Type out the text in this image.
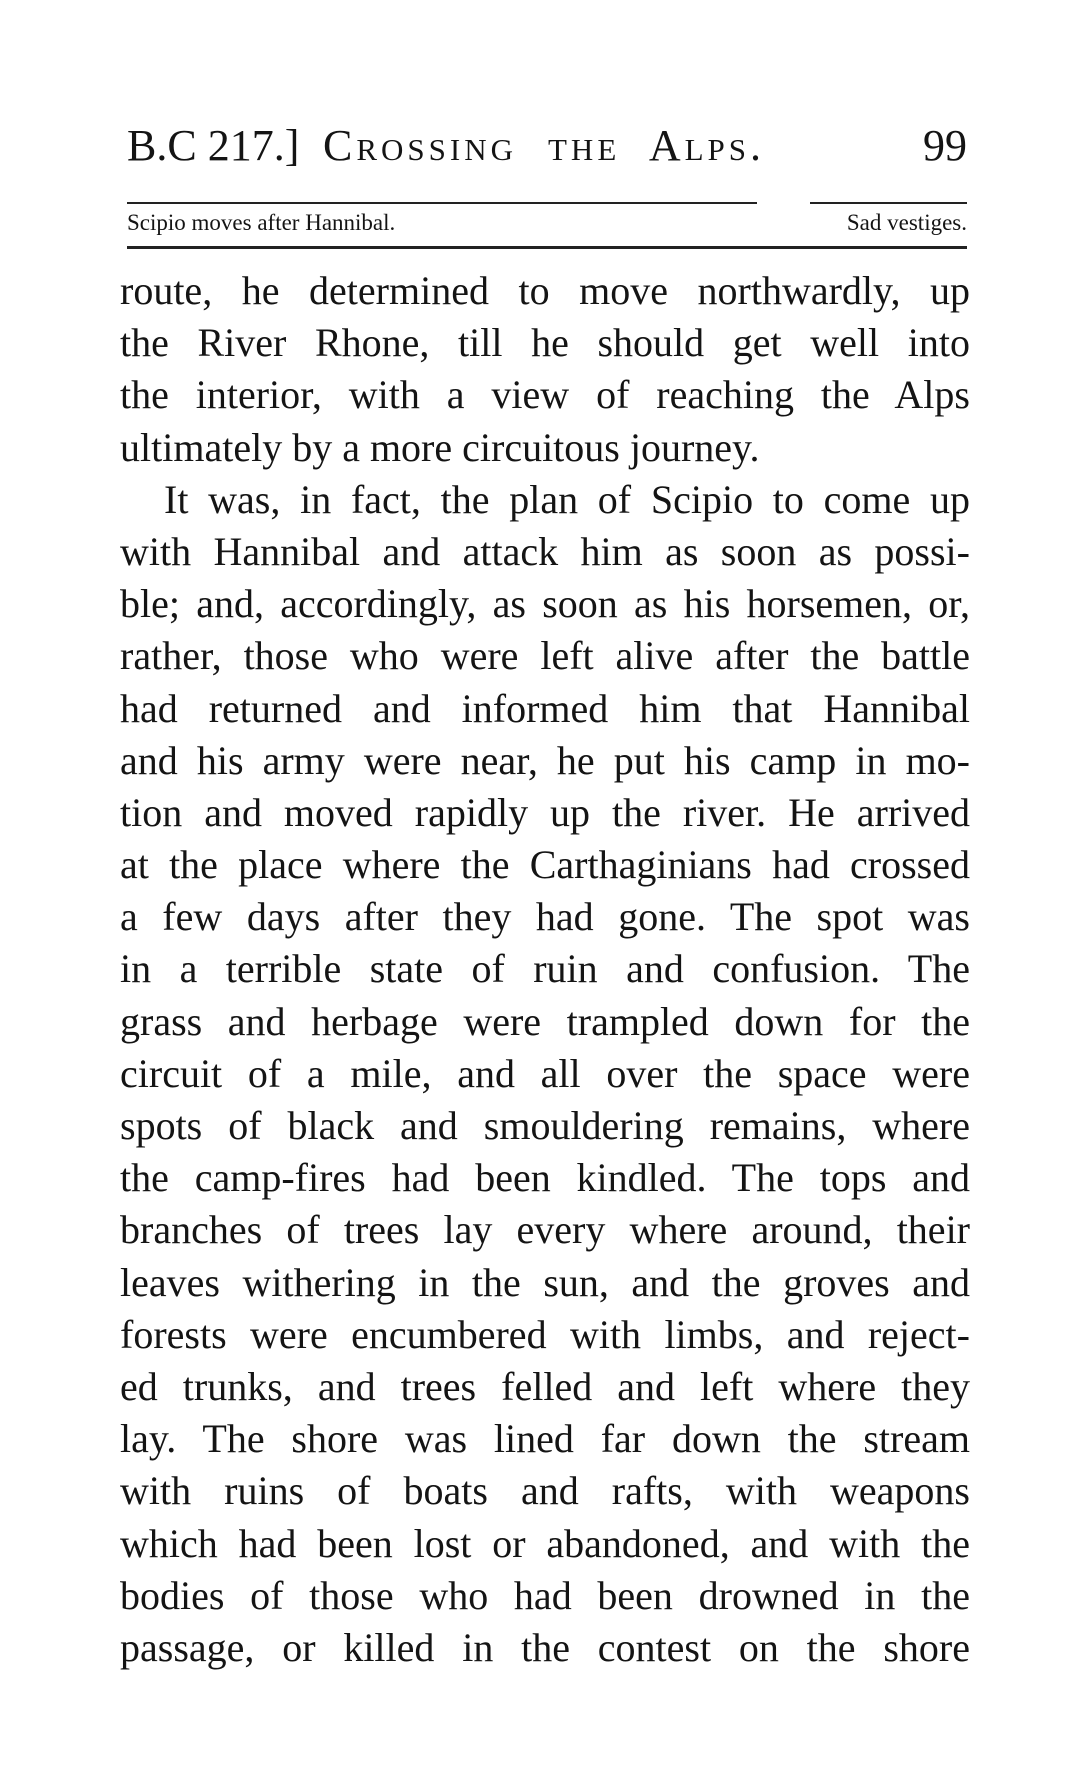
B.C 217.] Crossing the Alps.	99
Scipio moves after Hannibal.	Sad vestiges.
route, he determined to move northwardly, up
the River Rhone, till he should get well into
the interior, with a view of reaching the Alps
ultimately by a more circuitous journey.
It was, in fact, the plan of Scipio to come up
with Hannibal and attack him as soon as possi-
ble; and, accordingly, as soon as his horsemen, or,
rather, those who were left alive after the battle
had returned and informed him that Hannibal
and his army were near, he put his camp in mo-
tion and moved rapidly up the river. He arrived
at the place where the Carthaginians had crossed
a few days after they had gone. The spot was
in a terrible state of ruin and confusion. The
grass and herbage were trampled down for the
circuit of a mile, and all over the space were
spots of black and smouldering remains, where
the camp-fires had been kindled. The tops and
branches of trees lay every where around, their
leaves withering in the sun, and the groves and
forests were encumbered with limbs, and reject-
ed trunks, and trees felled and left where they
lay. The shore was lined far down the stream
with ruins of boats and rafts, with weapons
which had been lost or abandoned, and with the
bodies of those who had been drowned in the
passage, or killed in the contest on the shore
